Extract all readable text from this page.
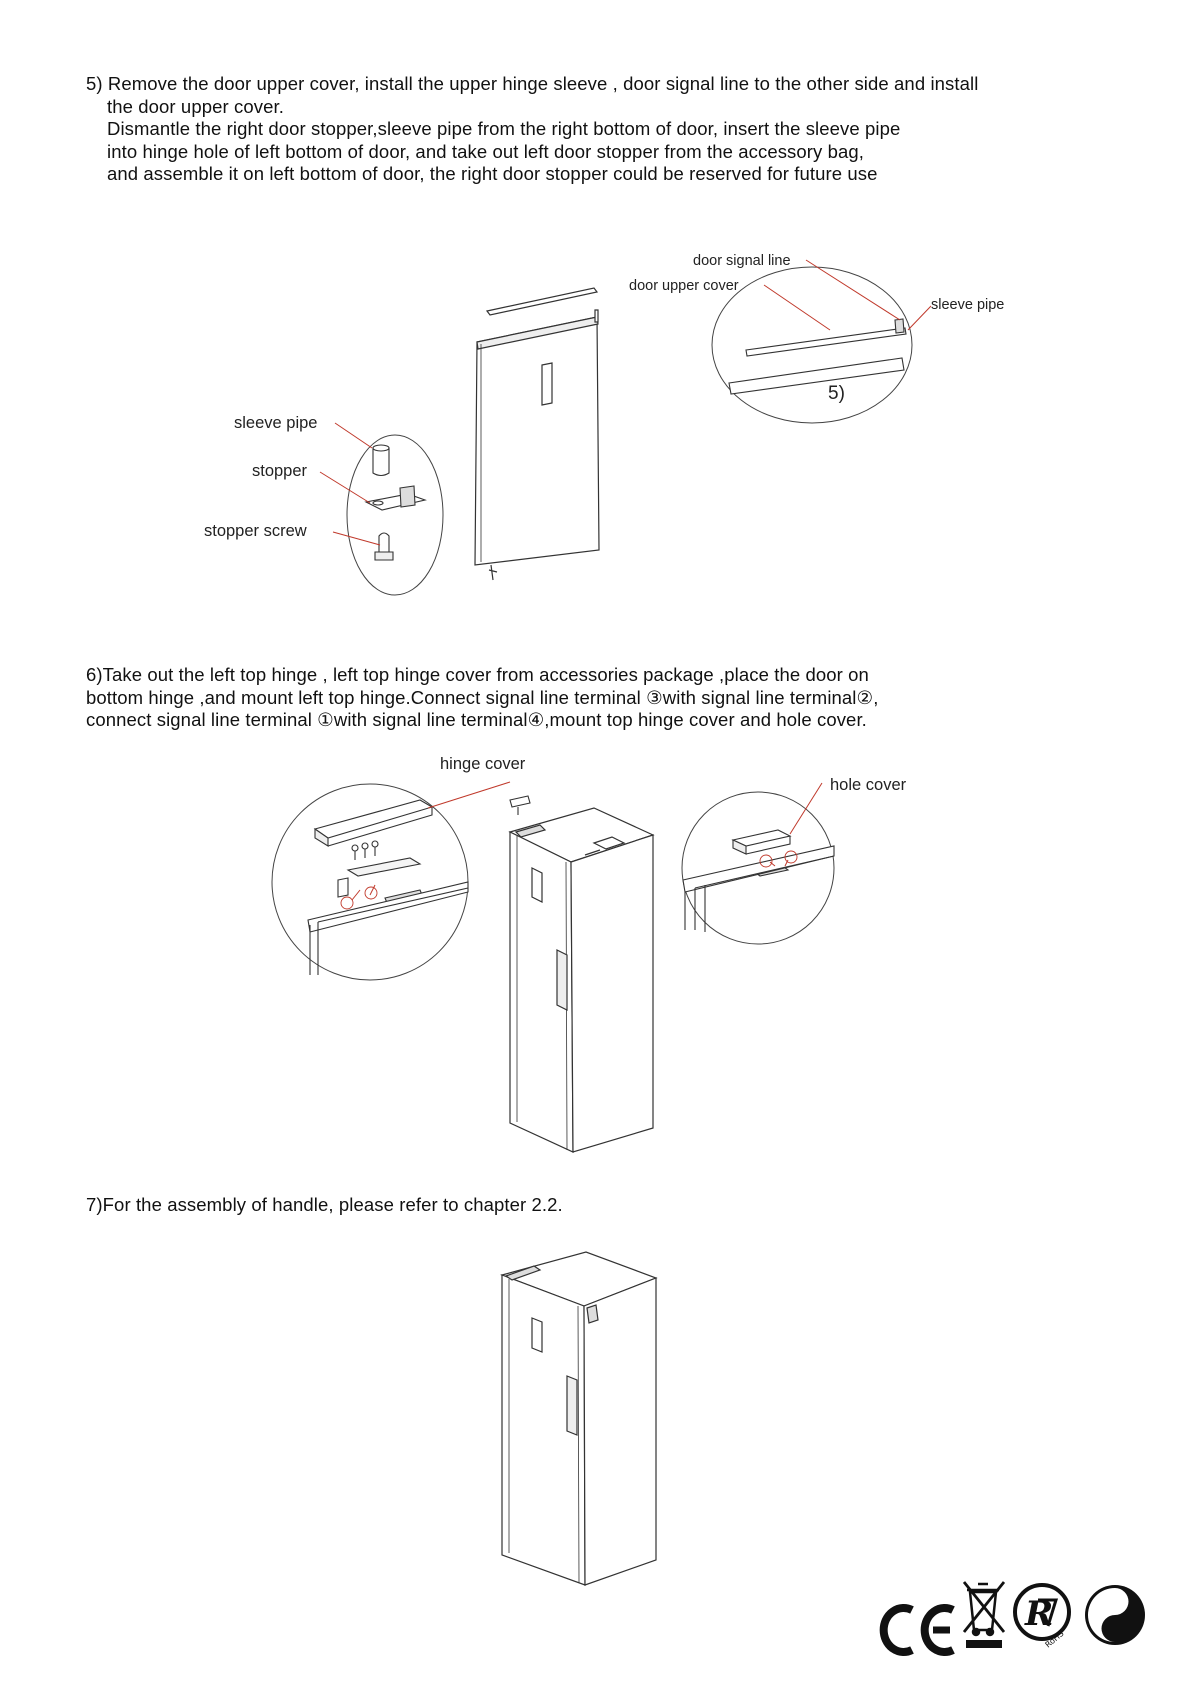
5) Remove the door upper cover, install the upper hinge sleeve , door signal line to the other side and install
the door upper cover.
Dismantle the right door stopper,sleeve pipe from the right bottom of door, insert the sleeve pipe
into hinge hole of left bottom of door, and take out left door stopper from the accessory bag,
and assemble it on left bottom of door, the right door stopper could be reserved for future use
door signal line
door upper cover
sleeve pipe
5)
sleeve pipe
stopper
stopper screw
6)Take out the left top hinge , left top hinge cover from accessories package ,place the door on
bottom hinge ,and mount left top hinge.Connect signal line terminal ③with signal line terminal②,
connect signal line terminal ①with signal line terminal④,mount top hinge cover and hole cover.
hinge cover
hole cover
7)For the assembly of handle, please refer to chapter 2.2.
R
RoHS
